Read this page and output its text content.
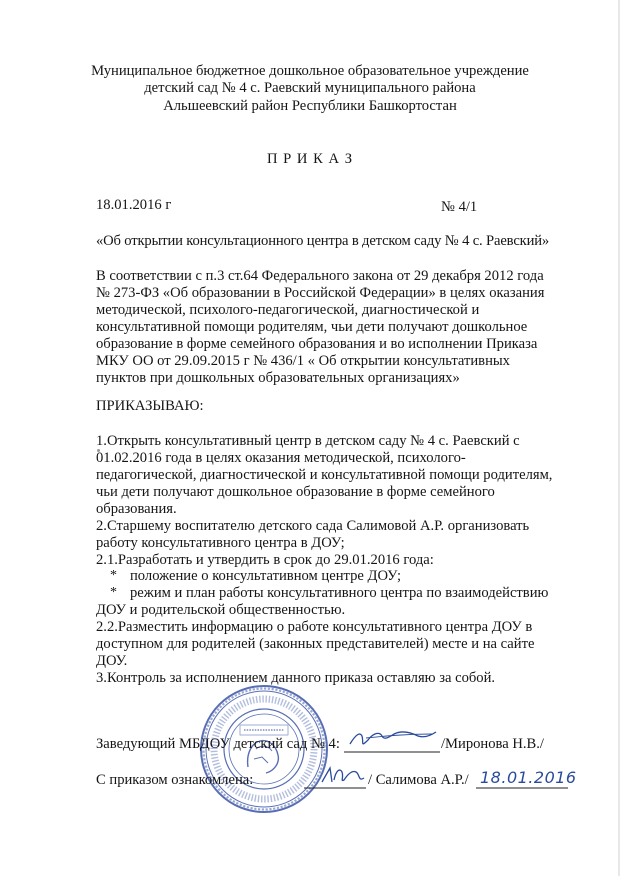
Муниципальное бюджетное дошкольное образовательное учреждение

детский сад № 4 с. Раевский муниципального района

Альшеевский район Республики Башкортостан

П Р И К А З

18.01.2016 г	№ 4/1

«Об открытии консультационного центра в детском саду № 4 с. Раевский»

В соответствии с п.3 ст.64 Федерального закона от 29 декабря 2012 года

№ 273-ФЗ «Об образовании в Российской Федерации» в целях оказания

методической, психолого-педагогической, диагностической и

консультативной помощи родителям, чьи дети получают дошкольное

образование в форме семейного образования и во исполнении Приказа

МКУ ОО от 29.09.2015 г № 436/1 « Об открытии консультативных

пунктов при дошкольных образовательных организациях»

ПРИКАЗЫВАЮ:

1.Открыть консультативный центр в детском саду № 4 с. Раевский с

01.02.2016 года в целях оказания методической, психолого-

педагогической, диагностической и консультативной помощи родителям,

чьи дети получают дошкольное образование в форме семейного

образования.

2.Старшему воспитателю детского сада Салимовой А.Р. организовать

работу консультативного центра в ДОУ;

2.1.Разработать и утвердить в срок до 29.01.2016 года:

* положение о консультативном центре ДОУ;

* режим и план работы консультативного центра по взаимодействию

ДОУ и родительской общественностью.

2.2.Разместить информацию о работе консультативного центра ДОУ в

доступном для родителей (законных представителей) месте и на сайте

ДОУ.

3.Контроль за исполнением данного приказа оставляю за собой.

Заведующий МБДОУ детский сад № 4:	/Миронова Н.В./

С приказом ознакомлена:	/ Салимова А.Р./ 18.01.2016
